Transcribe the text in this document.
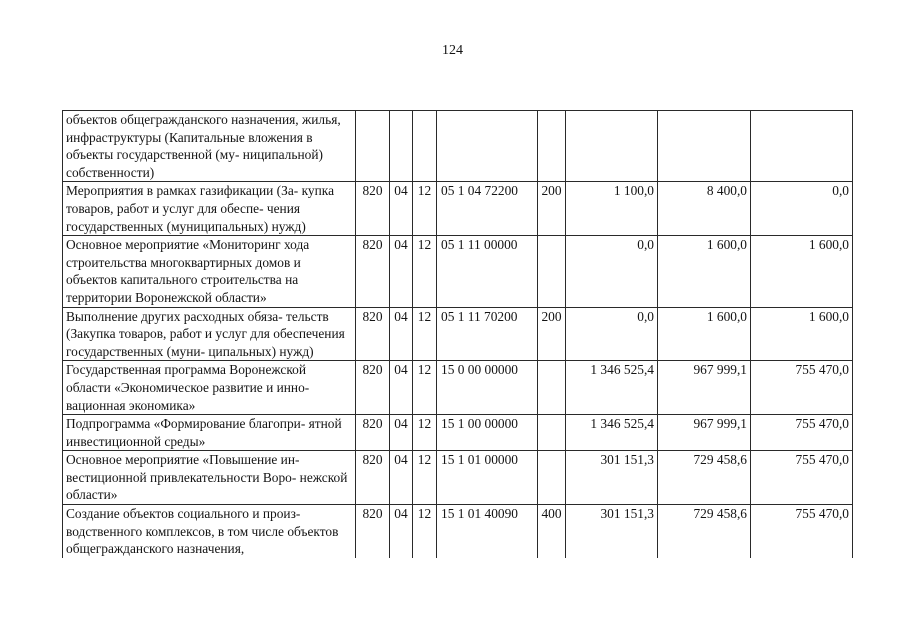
124
объектов общегражданского назначения, жилья, инфраструктуры (Капитальные вложения в объекты государственной (му- ниципальной) собственности)								
Мероприятия в рамках газификации (За- купка товаров, работ и услуг для обеспе- чения государственных (муниципальных) нужд)	820	04	12	05 1 04 72200	200	1 100,0	8 400,0	0,0
Основное мероприятие «Мониторинг хода строительства многоквартирных домов и объектов капитального строительства на территории Воронежской области»	820	04	12	05 1 11 00000		0,0	1 600,0	1 600,0
Выполнение других расходных обяза- тельств (Закупка товаров, работ и услуг для обеспечения государственных (муни- ципальных) нужд)	820	04	12	05 1 11 70200	200	0,0	1 600,0	1 600,0
Государственная программа Воронежской области «Экономическое развитие и инно- вационная экономика»	820	04	12	15 0 00 00000		1 346 525,4	967 999,1	755 470,0
Подпрограмма «Формирование благопри- ятной инвестиционной среды»	820	04	12	15 1 00 00000		1 346 525,4	967 999,1	755 470,0
Основное мероприятие «Повышение ин- вестиционной привлекательности Воро- нежской области»	820	04	12	15 1 01 00000		301 151,3	729 458,6	755 470,0
Создание объектов социального и произ- водственного комплексов, в том числе объектов общегражданского назначения,	820	04	12	15 1 01 40090	400	301 151,3	729 458,6	755 470,0
